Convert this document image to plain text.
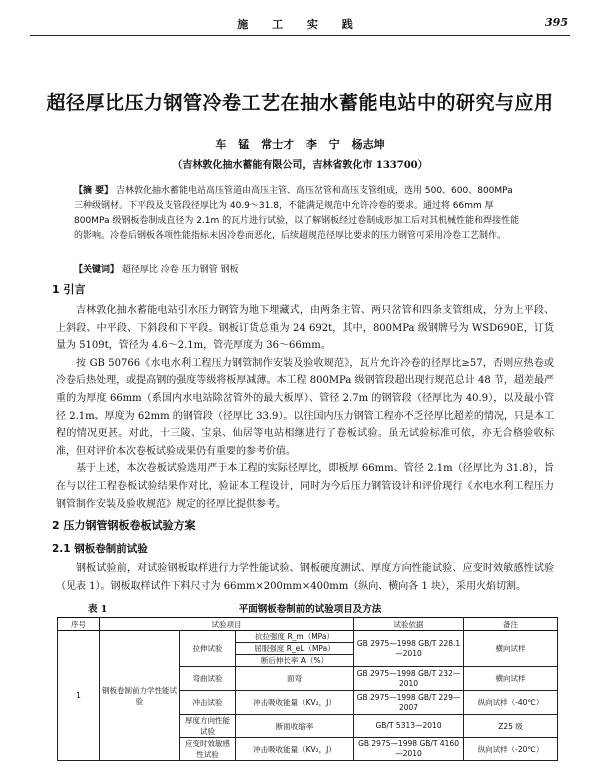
施 工 实 践	395
超径厚比压力钢管冷卷工艺在抽水蓄能电站中的研究与应用
车 锰 常士才 李 宁 杨志坤
（吉林敦化抽水蓄能有限公司，吉林省敦化市 133700）
【摘 要】 吉林敦化抽水蓄能电站高压管道由高压主管、高压岔管和高压支管组成，选用 500、600、800MPa 三种级钢材。下平段及支管段径厚比为 40.9～31.8，不能满足规范中允许冷卷的要求。通过将 66mm 厚 800MPa 级钢板卷制成直径为 2.1m 的瓦片进行试验，以了解钢板经过卷制成形加工后对其机械性能和焊接性能的影响。冷卷后钢板各项性能指标未因冷卷而恶化，后续超规范径厚比要求的压力钢管可采用冷卷工艺制作。
【关键词】 超径厚比 冷卷 压力钢管 钢板
1 引言

吉林敦化抽水蓄能电站引水压力钢管为地下埋藏式，由两条主管、两只岔管和四条支管组成，分为上平段、上斜段、中平段、下斜段和下平段。钢板订货总重为 24 692t，其中，800MPa 级钢牌号为 WSD690E，订货量为 5109t，管径为 4.6～2.1m，管壳厚度为 36～66mm。

按 GB 50766《水电水利工程压力钢管制作安装及验收规范》，瓦片允许冷卷的径厚比≥57，否则应热卷或冷卷后热处理，或提高钢的强度等级将板厚减薄。本工程 800MPa 级钢管段超出现行规范总计 48 节，超差最严重的为厚度 66mm（系国内水电站除岔管外的最大板厚）、管径 2.7m 的钢管段（径厚比为 40.9），以及最小管径 2.1m、厚度为 62mm 的钢管段（径厚比 33.9）。以往国内压力钢管工程亦不乏径厚比超差的情况，只是本工程的情况更甚。对此，十三陵、宝泉、仙居等电站相继进行了卷板试验。虽无试验标准可依，亦无合格验收标准，但对评价本次卷板试验成果仍有重要的参考价值。

基于上述，本次卷板试验选用严于本工程的实际径厚比，即板厚 66mm、管径 2.1m（径厚比为 31.8），旨在与以往工程卷板试验结果作对比，验证本工程设计，同时为今后压力钢管设计和评价现行《水电水利工程压力钢管制作安装及验收规范》规定的径厚比提供参考。

2 压力钢管钢板卷板试验方案
2.1 钢板卷制前试验

钢板试验前，对试验钢板取样进行力学性能试验、钢板硬度测试、厚度方向性能试验、应变时效敏感性试验（见表 1）。钢板取样试件下料尺寸为 66mm×200mm×400mm（纵向、横向各 1 块），采用火焰切割。

表 1	平面钢板卷制前的试验项目及方法
序号	试验项目			试验依据	备注
1	钢板卷制前力学性能试验	拉伸试验	抗拉强度 R_m（MPa）	GB 2975—1998 GB/T 228.1—2010	横向试样
			屈服强度 R_eL（MPa）		
			断后伸长率 A（%）		
		弯曲试验	面弯	GB 2975—1998 GB/T 232—2010	横向试样
		冲击试验	冲击吸收能量（KV₂，J）	GB 2975—1998 GB/T 229—2007	纵向试样（-40℃）
		厚度方向性能试验	断面收缩率	GB/T 5313—2010	Z25 级
		应变时效敏感性试验	冲击吸收能量（KV₂，J）	GB 2975—1998 GB/T 4160—2010	纵向试样（-20℃）
